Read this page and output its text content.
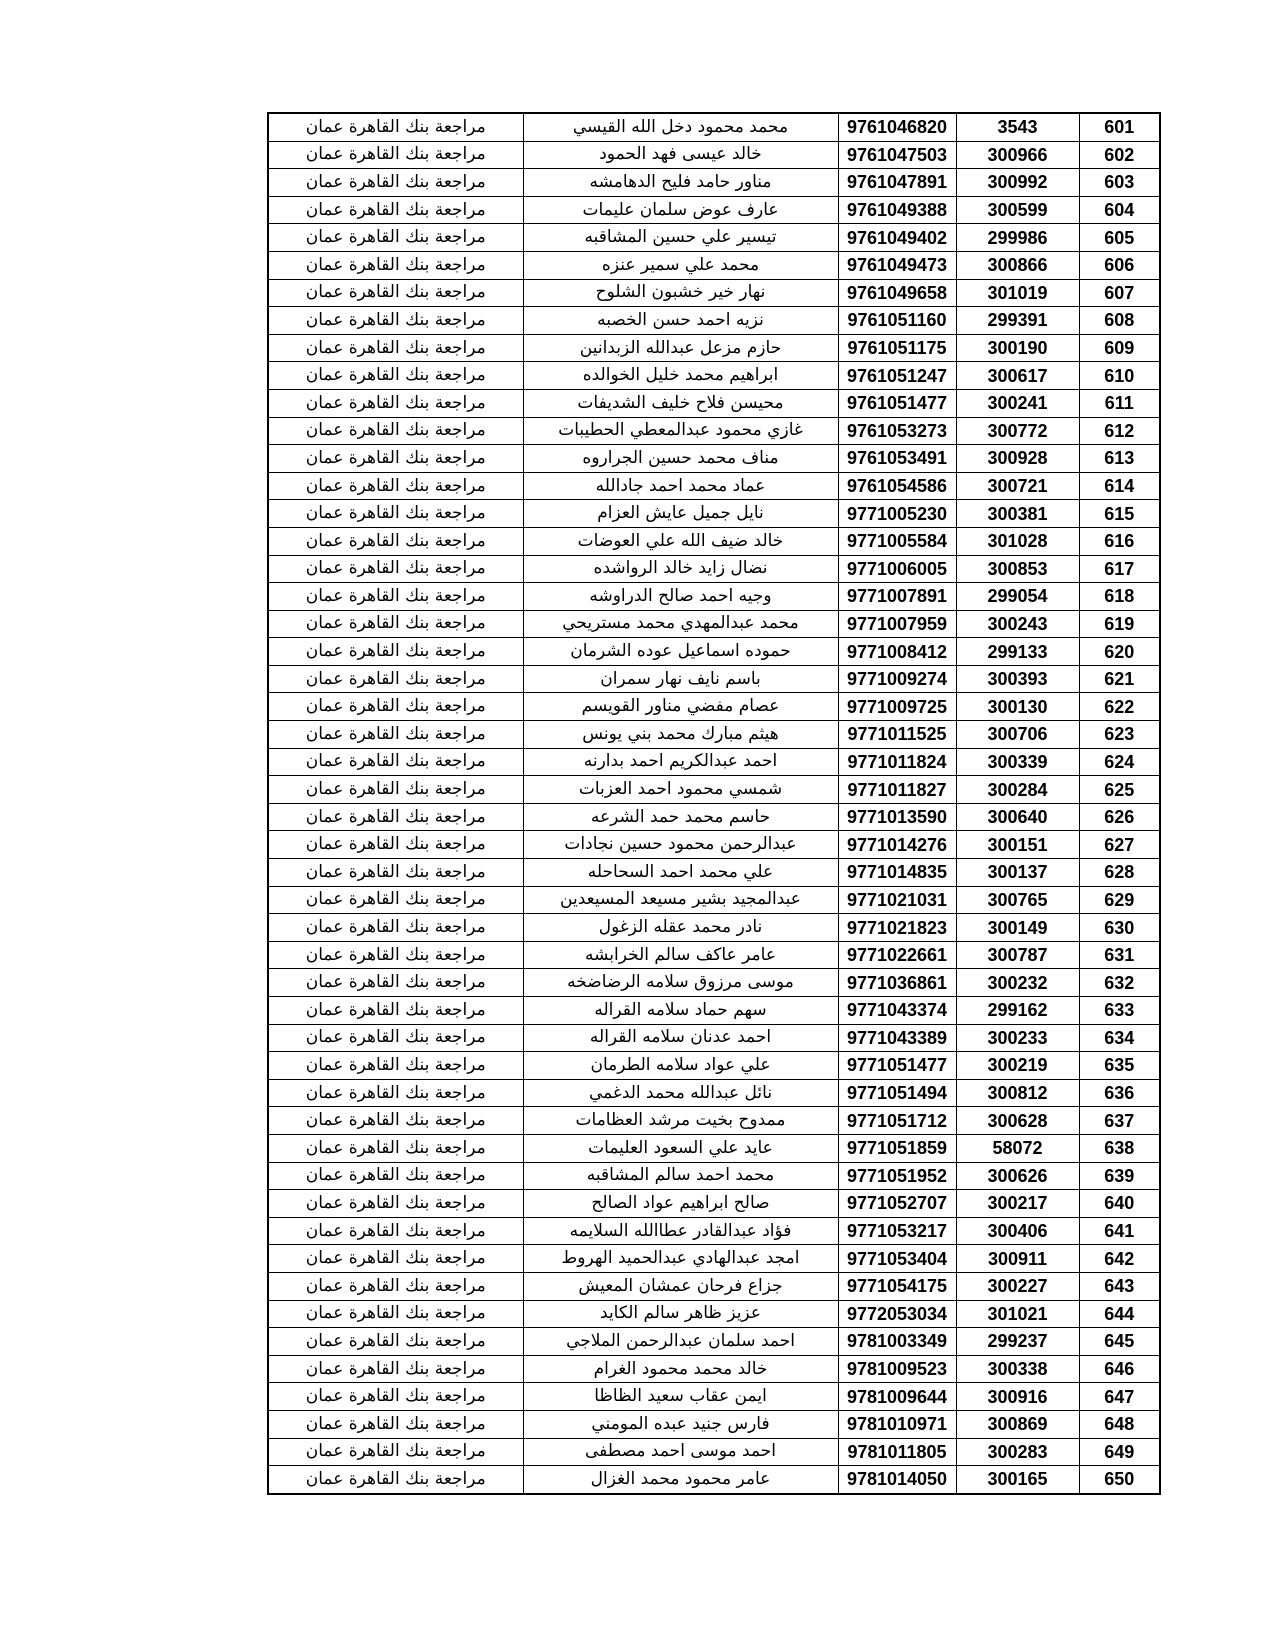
مراجعة بنك القاهرة عمان	محمد محمود دخل الله القيسي	9761046820	3543	601
مراجعة بنك القاهرة عمان	خالد عيسى فهد الحمود	9761047503	300966	602
مراجعة بنك القاهرة عمان	مناور حامد فليح الدهامشه	9761047891	300992	603
مراجعة بنك القاهرة عمان	عارف عوض سلمان عليمات	9761049388	300599	604
مراجعة بنك القاهرة عمان	تيسير علي حسين المشاقبه	9761049402	299986	605
مراجعة بنك القاهرة عمان	محمد علي سمير عنزه	9761049473	300866	606
مراجعة بنك القاهرة عمان	نهار خير خشبون الشلوح	9761049658	301019	607
مراجعة بنك القاهرة عمان	نزيه احمد حسن الخصبه	9761051160	299391	608
مراجعة بنك القاهرة عمان	حازم مزعل عبدالله الزبدانين	9761051175	300190	609
مراجعة بنك القاهرة عمان	ابراهيم محمد خليل الخوالده	9761051247	300617	610
مراجعة بنك القاهرة عمان	محيسن فلاح خليف الشديفات	9761051477	300241	611
مراجعة بنك القاهرة عمان	غازي محمود عبدالمعطي الحطيبات	9761053273	300772	612
مراجعة بنك القاهرة عمان	مناف محمد حسين الجراروه	9761053491	300928	613
مراجعة بنك القاهرة عمان	عماد محمد احمد جادالله	9761054586	300721	614
مراجعة بنك القاهرة عمان	نايل جميل عايش العزام	9771005230	300381	615
مراجعة بنك القاهرة عمان	خالد ضيف الله علي العوضات	9771005584	301028	616
مراجعة بنك القاهرة عمان	نضال زايد خالد الرواشده	9771006005	300853	617
مراجعة بنك القاهرة عمان	وجيه احمد صالح الدراوشه	9771007891	299054	618
مراجعة بنك القاهرة عمان	محمد عبدالمهدي محمد مستريحي	9771007959	300243	619
مراجعة بنك القاهرة عمان	حموده اسماعيل عوده الشرمان	9771008412	299133	620
مراجعة بنك القاهرة عمان	باسم نايف نهار سمران	9771009274	300393	621
مراجعة بنك القاهرة عمان	عصام مفضي مناور القويسم	9771009725	300130	622
مراجعة بنك القاهرة عمان	هيثم مبارك محمد بني يونس	9771011525	300706	623
مراجعة بنك القاهرة عمان	احمد عبدالكريم احمد بدارنه	9771011824	300339	624
مراجعة بنك القاهرة عمان	شمسي محمود احمد العزبات	9771011827	300284	625
مراجعة بنك القاهرة عمان	حاسم محمد حمد الشرعه	9771013590	300640	626
مراجعة بنك القاهرة عمان	عبدالرحمن محمود حسين نجادات	9771014276	300151	627
مراجعة بنك القاهرة عمان	علي محمد احمد السحاحله	9771014835	300137	628
مراجعة بنك القاهرة عمان	عبدالمجيد بشير مسيعد المسيعدين	9771021031	300765	629
مراجعة بنك القاهرة عمان	نادر محمد عقله الزغول	9771021823	300149	630
مراجعة بنك القاهرة عمان	عامر عاكف سالم الخرابشه	9771022661	300787	631
مراجعة بنك القاهرة عمان	موسى مرزوق سلامه الرضاضخه	9771036861	300232	632
مراجعة بنك القاهرة عمان	سهم حماد سلامه القراله	9771043374	299162	633
مراجعة بنك القاهرة عمان	احمد عدنان سلامه القراله	9771043389	300233	634
مراجعة بنك القاهرة عمان	علي عواد سلامه الطرمان	9771051477	300219	635
مراجعة بنك القاهرة عمان	نائل عبدالله محمد الدغمي	9771051494	300812	636
مراجعة بنك القاهرة عمان	ممدوح بخيت مرشد العظامات	9771051712	300628	637
مراجعة بنك القاهرة عمان	عايد علي السعود العليمات	9771051859	58072	638
مراجعة بنك القاهرة عمان	محمد احمد سالم المشاقبه	9771051952	300626	639
مراجعة بنك القاهرة عمان	صالح ابراهيم عواد الصالح	9771052707	300217	640
مراجعة بنك القاهرة عمان	فؤاد عبدالقادر عطاالله السلايمه	9771053217	300406	641
مراجعة بنك القاهرة عمان	امجد عبدالهادي عبدالحميد الهروط	9771053404	300911	642
مراجعة بنك القاهرة عمان	جزاع فرحان عمشان المعيش	9771054175	300227	643
مراجعة بنك القاهرة عمان	عزيز ظاهر سالم الكايد	9772053034	301021	644
مراجعة بنك القاهرة عمان	احمد سلمان عبدالرحمن الملاجي	9781003349	299237	645
مراجعة بنك القاهرة عمان	خالد محمد محمود الغرام	9781009523	300338	646
مراجعة بنك القاهرة عمان	ايمن عقاب سعيد الظاظا	9781009644	300916	647
مراجعة بنك القاهرة عمان	فارس جنيد عبده المومني	9781010971	300869	648
مراجعة بنك القاهرة عمان	احمد موسى احمد مصطفى	9781011805	300283	649
مراجعة بنك القاهرة عمان	عامر محمود محمد الغزال	9781014050	300165	650
